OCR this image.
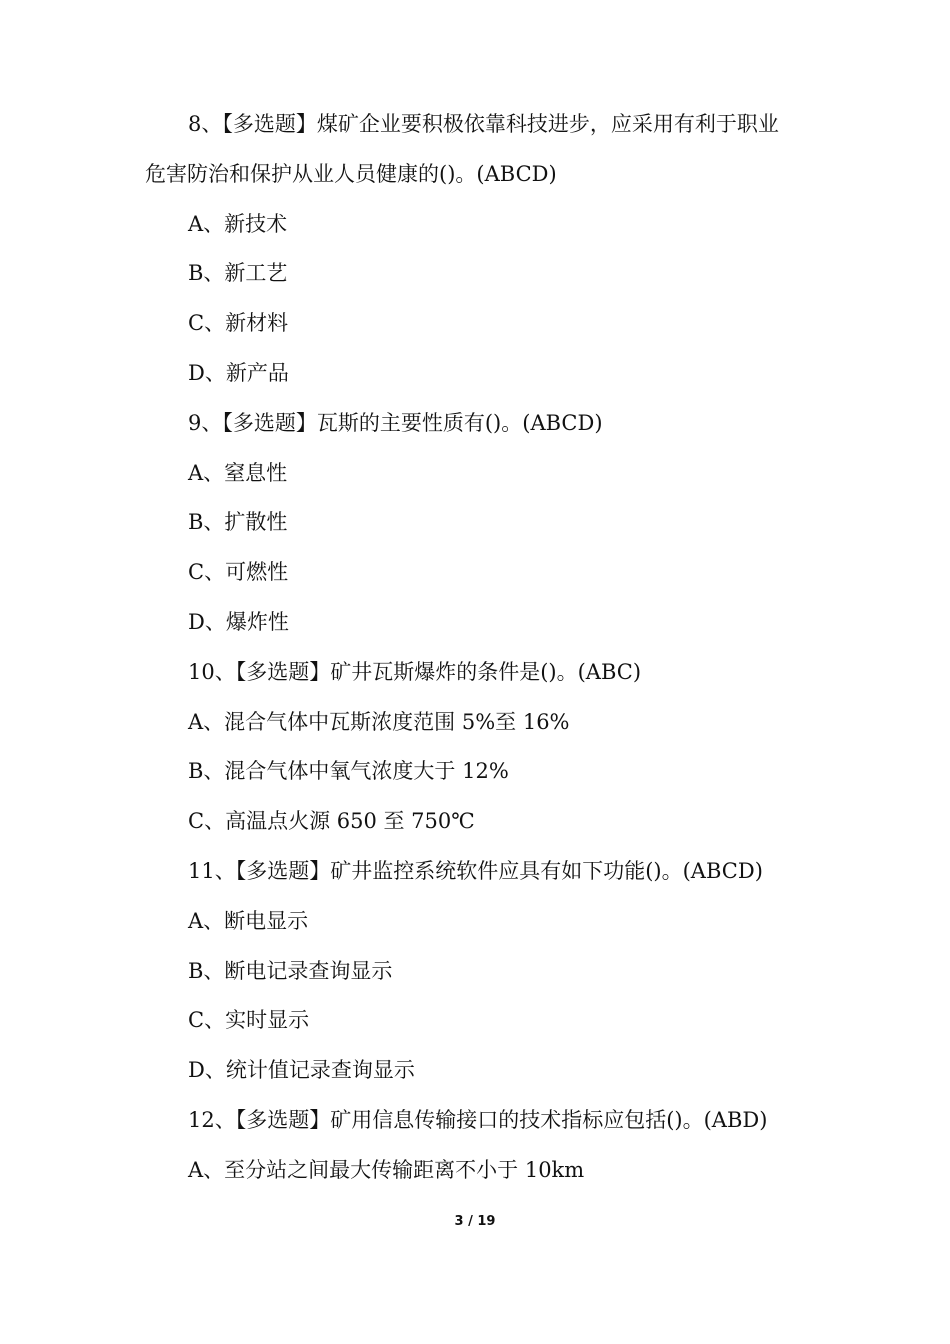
8、【多选题】煤矿企业要积极依靠科技进步，应采用有利于职业
危害防治和保护从业人员健康的()。(ABCD)
A、新技术
B、新工艺
C、新材料
D、新产品
9、【多选题】瓦斯的主要性质有()。(ABCD)
A、窒息性
B、扩散性
C、可燃性
D、爆炸性
10、【多选题】矿井瓦斯爆炸的条件是()。(ABC)
A、混合气体中瓦斯浓度范围 5%至 16%
B、混合气体中氧气浓度大于 12%
C、高温点火源 650 至 750℃
11、【多选题】矿井监控系统软件应具有如下功能()。(ABCD)
A、断电显示
B、断电记录查询显示
C、实时显示
D、统计值记录查询显示
12、【多选题】矿用信息传输接口的技术指标应包括()。(ABD)
A、至分站之间最大传输距离不小于 10km
3 / 19
